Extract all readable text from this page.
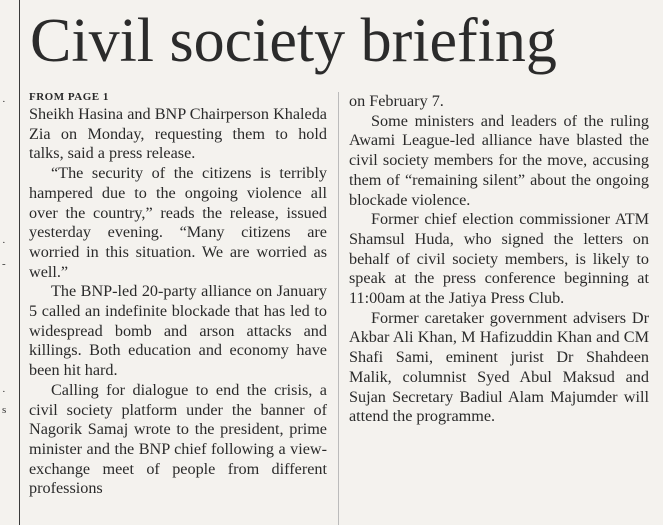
·
·
-
·
s
Civil society briefing
FROM PAGE 1

Sheikh Hasina and BNP Chairperson Khaleda Zia on Monday, requesting them to hold talks, said a press release.

“The security of the citizens is terribly hampered due to the ongoing violence all over the country,” reads the release, issued yesterday evening. “Many citizens are worried in this situation. We are worried as well.”

The BNP-led 20-party alliance on January 5 called an indefinite blockade that has led to widespread bomb and arson attacks and killings. Both education and economy have been hit hard.

Calling for dialogue to end the crisis, a civil society platform under the banner of Nagorik Samaj wrote to the president, prime minister and the BNP chief following a view-exchange meet of people from different professions

on February 7.

Some ministers and leaders of the ruling Awami League-led alliance have blasted the civil society members for the move, accusing them of “remaining silent” about the ongoing blockade violence.

Former chief election commissioner ATM Shamsul Huda, who signed the letters on behalf of civil society members, is likely to speak at the press conference beginning at 11:00am at the Jatiya Press Club.

Former caretaker government advisers Dr Akbar Ali Khan, M Hafizuddin Khan and CM Shafi Sami, eminent jurist Dr Shahdeen Malik, columnist Syed Abul Maksud and Sujan Secretary Badiul Alam Majumder will attend the programme.
